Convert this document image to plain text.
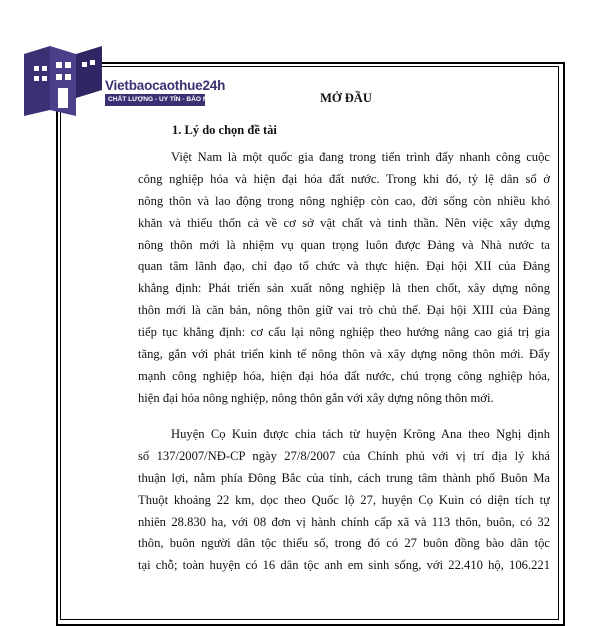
Vietbaocaothue24h
CHẤT LƯỢNG - UY TÍN - BẢO MẬT	MỞ ĐẦU
1. Lý do chọn đề tài
Việt Nam là một quốc gia đang trong tiến trình đẩy nhanh công cuộc
công nghiệp hóa và hiện đại hóa đất nước. Trong khi đó, tỷ lệ dân số ở
nông thôn và lao động trong nông nghiệp còn cao, đời sống còn nhiều khó
khăn và thiếu thốn cả về cơ sở vật chất và tinh thần. Nên việc xây dựng
nông thôn mới là nhiệm vụ quan trọng luôn được Đảng và Nhà nước ta
quan tâm lãnh đạo, chỉ đạo tổ chức và thực hiện. Đại hội XII của Đảng
khẳng định: Phát triển sản xuất nông nghiệp là then chốt, xây dựng nông
thôn mới là căn bản, nông thôn giữ vai trò chủ thể. Đại hội XIII của Đảng
tiếp tục khẳng định: cơ cấu lại nông nghiệp theo hướng nâng cao giá trị gia
tăng, gắn với phát triển kinh tế nông thôn và xây dựng nông thôn mới. Đẩy
mạnh công nghiệp hóa, hiện đại hóa đất nước, chú trọng công nghiệp hóa,
hiện đại hóa nông nghiệp, nông thôn gắn với xây dựng nông thôn mới.
Huyện Cọ Kuin được chia tách từ huyện Krông Ana theo Nghị định
số 137/2007/NĐ-CP ngày 27/8/2007 của Chính phủ với vị trí địa lý khá
thuận lợi, nằm phía Đông Bắc của tỉnh, cách trung tâm thành phố Buôn Ma
Thuột khoảng 22 km, dọc theo Quốc lộ 27, huyện Cọ Kuin có diện tích tự
nhiên 28.830 ha, với 08 đơn vị hành chính cấp xã và 113 thôn, buôn, có 32
thôn, buôn người dân tộc thiểu số, trong đó có 27 buôn đồng bào dân tộc
tại chỗ; toàn huyện có 16 dân tộc anh em sinh sống, với 22.410 hộ, 106.221
